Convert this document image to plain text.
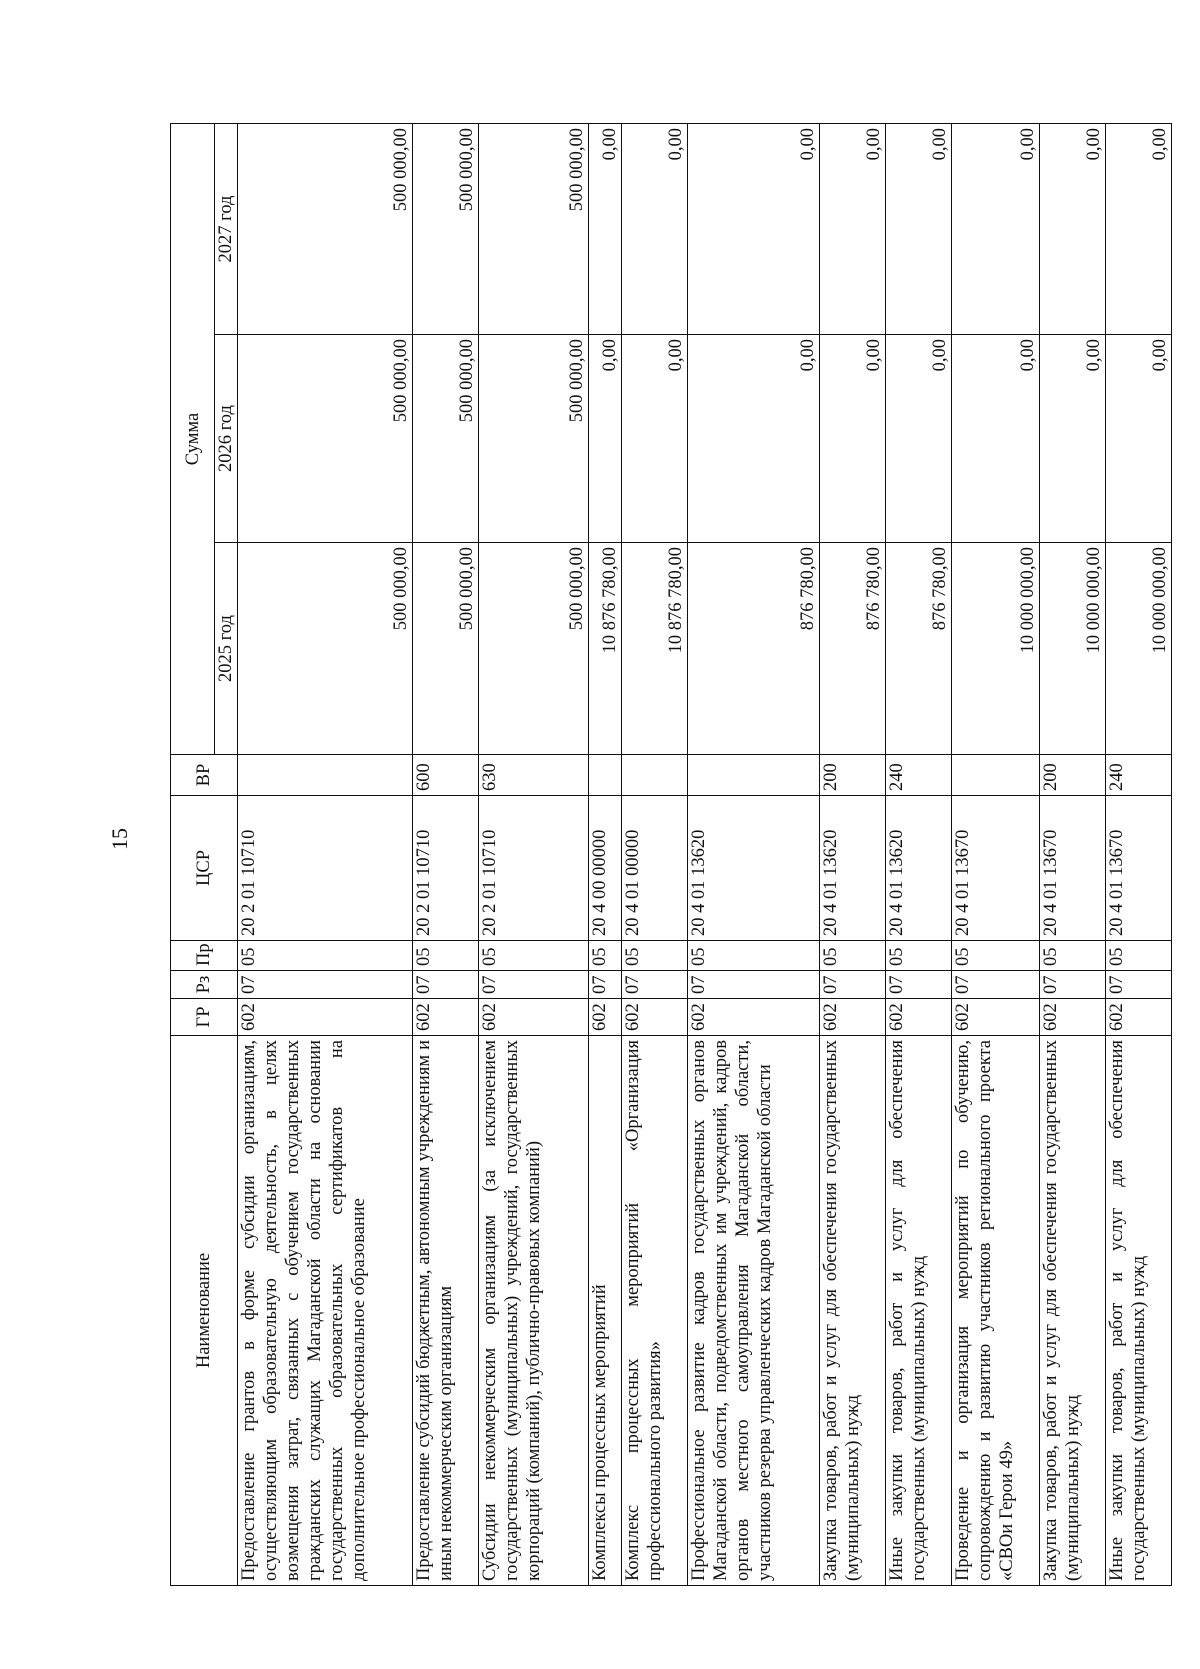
15
Наименование	ГР	Рз	Пр	ЦСР	ВР	Сумма		
						2025 год	2026 год	2027 год
Предоставление грантов в форме субсидии организациям, осуществляющим образовательную деятельность, в целях возмещения затрат, связанных с обучением государственных гражданских служащих Магаданской области на основании государственных образовательных сертификатов на дополнительное профессиональное образование	602	07	05	20 2 01 10710		500 000,00	500 000,00	500 000,00
Предоставление субсидий бюджетным, автономным учреждениям и иным некоммерческим организациям	602	07	05	20 2 01 10710	600	500 000,00	500 000,00	500 000,00
Субсидии некоммерческим организациям (за исключением государственных (муниципальных) учреждений, государственных корпораций (компаний), публично-правовых компаний)	602	07	05	20 2 01 10710	630	500 000,00	500 000,00	500 000,00
Комплексы процессных мероприятий	602	07	05	20 4 00 00000		10 876 780,00	0,00	0,00
Комплекс процессных мероприятий «Организация профессионального развития»	602	07	05	20 4 01 00000		10 876 780,00	0,00	0,00
Профессиональное развитие кадров государственных органов Магаданской области, подведомственных им учреждений, кадров органов местного самоуправления Магаданской области, участников резерва управленческих кадров Магаданской области	602	07	05	20 4 01 13620		876 780,00	0,00	0,00
Закупка товаров, работ и услуг для обеспечения государственных (муниципальных) нужд	602	07	05	20 4 01 13620	200	876 780,00	0,00	0,00
Иные закупки товаров, работ и услуг для обеспечения государственных (муниципальных) нужд	602	07	05	20 4 01 13620	240	876 780,00	0,00	0,00
Проведение и организация мероприятий по обучению, сопровождению и развитию участников регионального проекта «СВОи Герои 49»	602	07	05	20 4 01 13670		10 000 000,00	0,00	0,00
Закупка товаров, работ и услуг для обеспечения государственных (муниципальных) нужд	602	07	05	20 4 01 13670	200	10 000 000,00	0,00	0,00
Иные закупки товаров, работ и услуг для обеспечения государственных (муниципальных) нужд	602	07	05	20 4 01 13670	240	10 000 000,00	0,00	0,00
